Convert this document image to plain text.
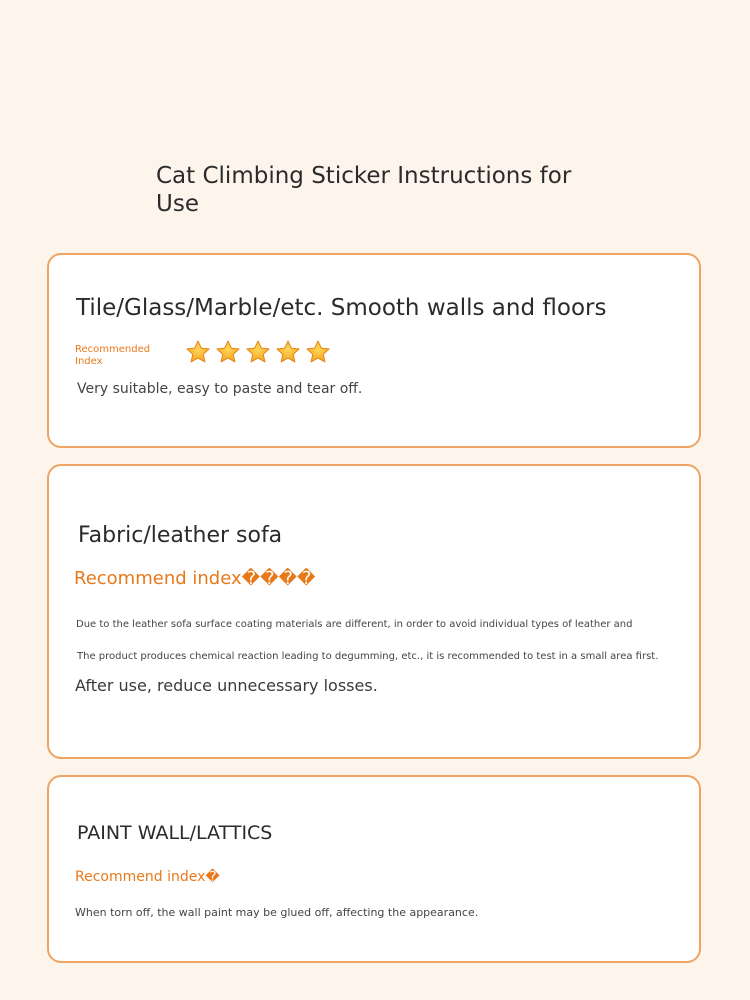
Cat Climbing Sticker Instructions for Use
Tile/Glass/Marble/etc. Smooth walls and floors
Recommended Index

Very suitable, easy to paste and tear off.

Fabric/leather sofa
Recommend index����

Due to the leather sofa surface coating materials are different, in order to avoid individual types of leather and

The product produces chemical reaction leading to degumming, etc., it is recommended to test in a small area first.

After use, reduce unnecessary losses.

PAINT WALL/LATTICS
Recommend index�

When torn off, the wall paint may be glued off, affecting the appearance.
